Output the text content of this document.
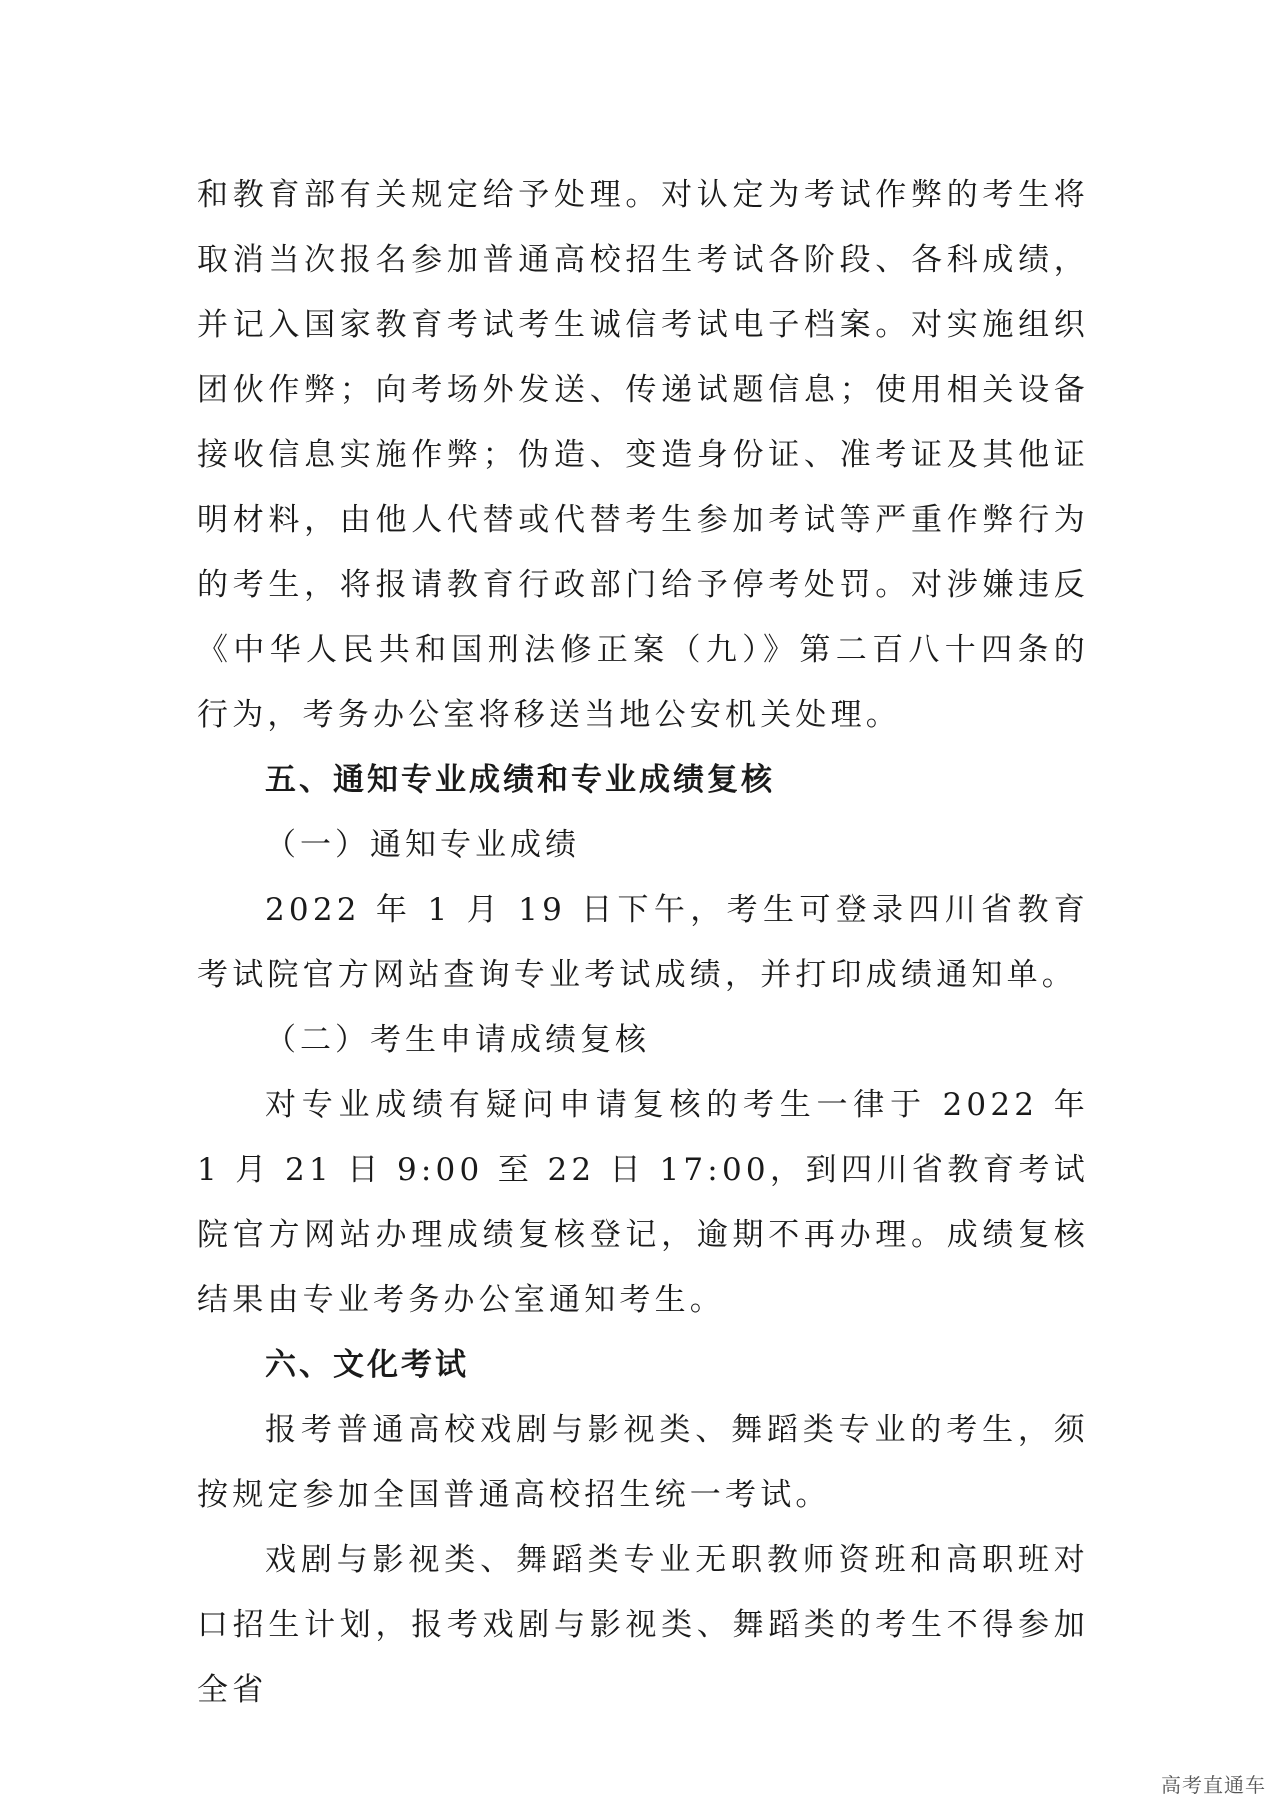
和教育部有关规定给予处理。对认定为考试作弊的考生将取消当次报名参加普通高校招生考试各阶段、各科成绩，并记入国家教育考试考生诚信考试电子档案。对实施组织团伙作弊；向考场外发送、传递试题信息；使用相关设备接收信息实施作弊；伪造、变造身份证、准考证及其他证明材料，由他人代替或代替考生参加考试等严重作弊行为的考生，将报请教育行政部门给予停考处罚。对涉嫌违反《中华人民共和国刑法修正案（九）》第二百八十四条的行为，考务办公室将移送当地公安机关处理。

五、通知专业成绩和专业成绩复核

（一）通知专业成绩

2022 年 1 月 19 日下午，考生可登录四川省教育考试院官方网站查询专业考试成绩，并打印成绩通知单。

（二）考生申请成绩复核

对专业成绩有疑问申请复核的考生一律于 2022 年 1 月 21 日 9:00 至 22 日 17:00，到四川省教育考试院官方网站办理成绩复核登记，逾期不再办理。成绩复核结果由专业考务办公室通知考生。

六、文化考试

报考普通高校戏剧与影视类、舞蹈类专业的考生，须按规定参加全国普通高校招生统一考试。

戏剧与影视类、舞蹈类专业无职教师资班和高职班对口招生计划，报考戏剧与影视类、舞蹈类的考生不得参加全省

高考直通车
